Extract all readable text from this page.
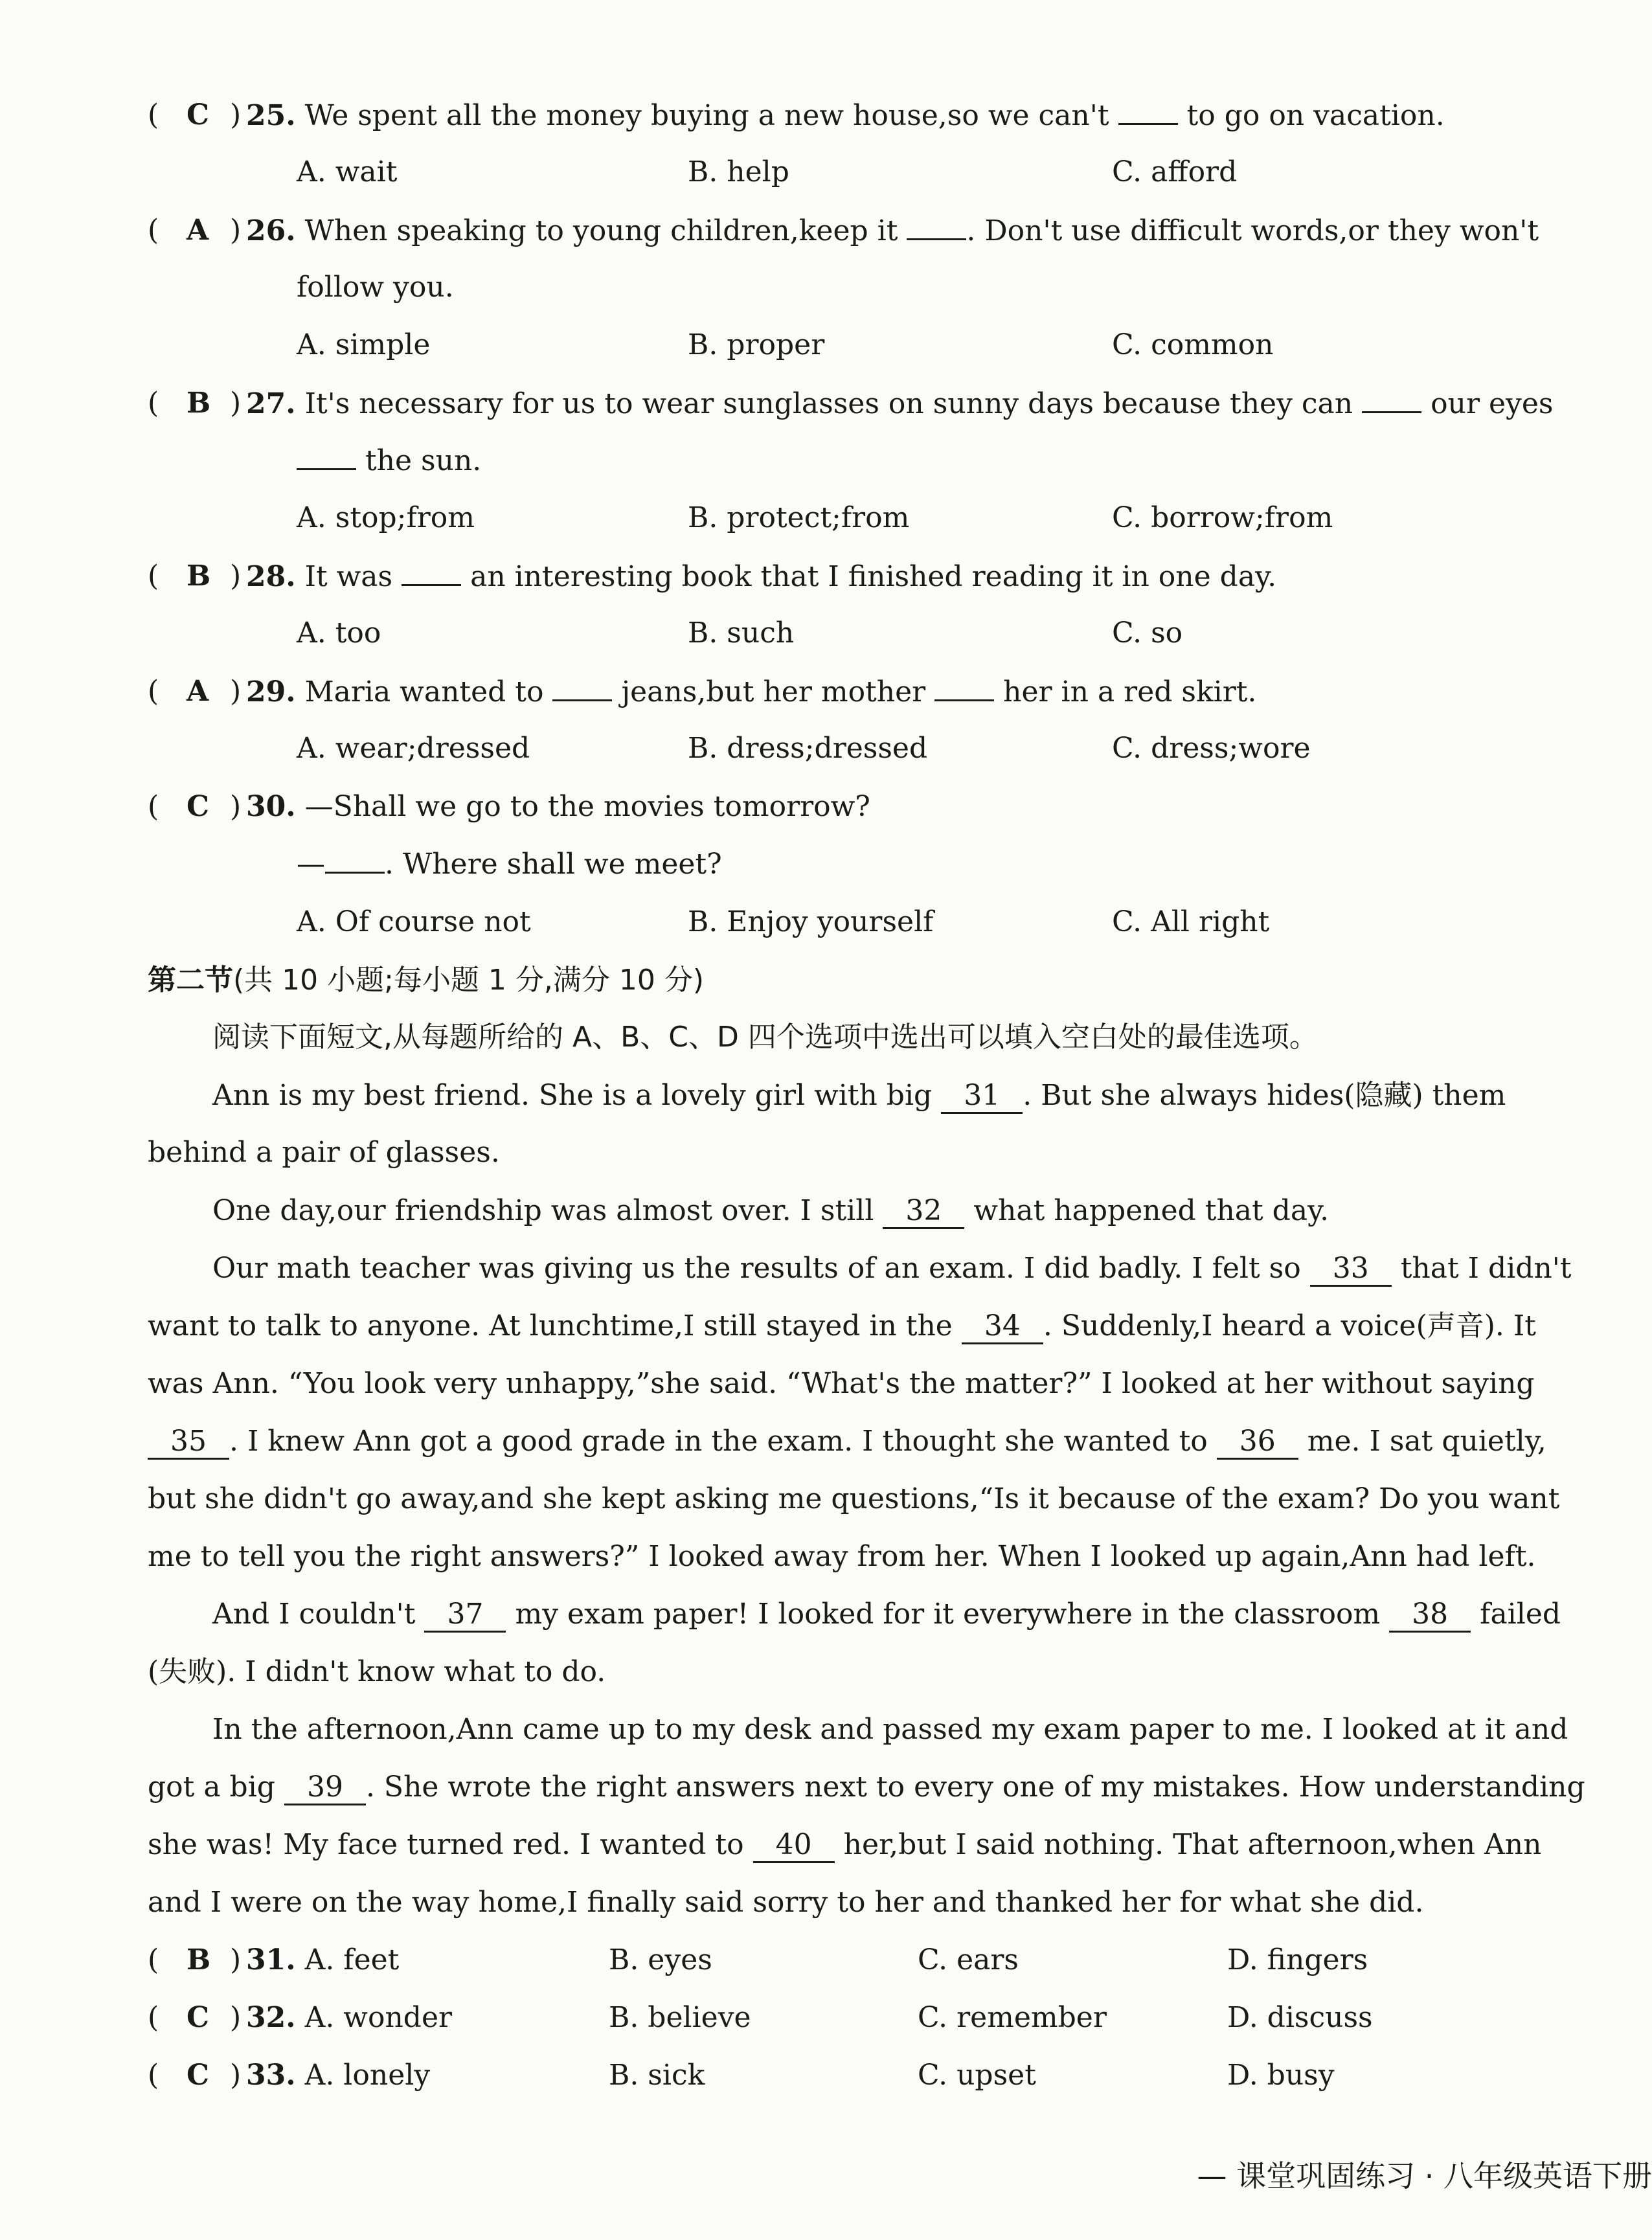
( C ) 25. We spent all the money buying a new house,so we can't	to go on vacation.
A. wait	B. help	C. afford
( A ) 26. When speaking to young children,keep it . Don't use difficult words,or they won't
follow you.
A. simple	B. proper	C. common
( B ) 27. It's necessary for us to wear sunglasses on sunny days because they can	our eyes
the sun.
A. stop;from	B. protect;from	C. borrow;from
( B ) 28. It was	an interesting book that I finished reading it in one day.
A. too	B. such	C. so
( A ) 29. Maria wanted to	jeans,but her mother	her in a red skirt.
A. wear;dressed	B. dress;dressed	C. dress;wore
( C ) 30. —Shall we go to the movies tomorrow?
— . Where shall we meet?
A. Of course not	B. Enjoy yourself	C. All right
第二节(共 10 小题;每小题 1 分,满分 10 分)
阅读下面短文,从每题所给的 A、B、C、D 四个选项中选出可以填入空白处的最佳选项。
Ann is my best friend. She is a lovely girl with big 31 . But she always hides(隐藏) them
behind a pair of glasses.
One day,our friendship was almost over. I still 32 what happened that day.
Our math teacher was giving us the results of an exam. I did badly. I felt so 33 that I didn't
want to talk to anyone. At lunchtime,I still stayed in the 34 . Suddenly,I heard a voice(声音). It
was Ann. “You look very unhappy,”she said. “What's the matter?” I looked at her without saying
35 . I knew Ann got a good grade in the exam. I thought she wanted to 36 me. I sat quietly,
but she didn't go away,and she kept asking me questions,“Is it because of the exam? Do you want
me to tell you the right answers?” I looked away from her. When I looked up again,Ann had left.
And I couldn't 37 my exam paper! I looked for it everywhere in the classroom 38 failed
(失败). I didn't know what to do.
In the afternoon,Ann came up to my desk and passed my exam paper to me. I looked at it and
got a big 39 . She wrote the right answers next to every one of my mistakes. How understanding
she was! My face turned red. I wanted to 40 her,but I said nothing. That afternoon,when Ann
and I were on the way home,I finally said sorry to her and thanked her for what she did.
( B ) 31. A. feet	B. eyes	C. ears	D. fingers
( C ) 32. A. wonder	B. believe	C. remember	D. discuss
( C ) 33. A. lonely	B. sick	C. upset	D. busy
— 课堂巩固练习 · 八年级英语下册
